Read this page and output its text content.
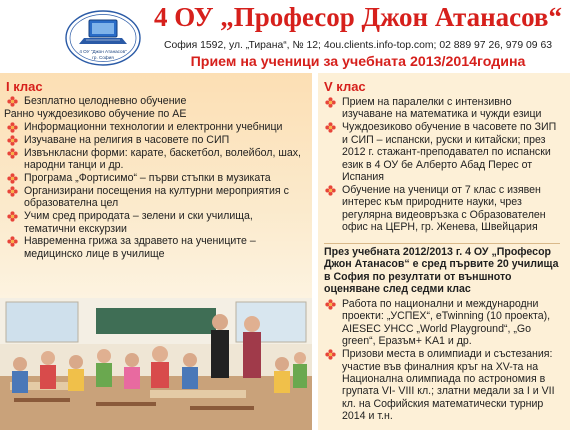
4 ОУ "Джон Атанасов"
гр. София
4 ОУ „Професор Джон Атанасов“
София 1592, ул. „Тирана“, № 12; 4ou.clients.info-top.com; 02 889 97 26, 979 09 63
Прием на ученици за учебната 2013/2014година
I клас
Безплатно целодневно обучение
Ранно чуждоезиково обучение по АЕ
Информационни технологии и електронни учебници
Изучаване на религия в часовете по СИП
Извънкласни форми: карате, баскетбол, волейбол, шах, народни танци и др.
Програма „Фортисимо“ – първи стъпки в музиката
Организирани посещения на културни мероприятия с образователна цел
Учим сред природата – зелени и ски училища, тематични екскурзии
Навременна грижа за здравето на учениците – медицинско лице в училище
V клас
Прием на паралелки с интензивно изучаване на математика и чужди езици
Чуждоезиково обучение в часовете по ЗИП и СИП – испански, руски и китайски; през 2012 г. стажант-преподавател по испански език в 4 ОУ бе Алберто Абад Перес от Испания
Обучение на ученици от 7 клас с изявен интерес към природните науки, чрез регулярна видеовръзка с Образователен офис на ЦЕРН, гр. Женева, Швейцария
През учебната 2012/2013 г. 4 ОУ „Професор Джон Атанасов“ е сред първите 20 училища в София по резултати от външното оценяване след седми клас
Работа по национални и международни проекти: „УСПЕХ“, eTwinning (10 проекта), AIESEC УНСС „World Playground“, „Go green“, Еразъм+ KA1 и др.
Призови места в олимпиади и състезания: участие във финалния кръг на XV-та на Национална олимпиада по астрономия в групата VI- VIII кл.; златни медали за I и VII кл. на Софийския математически турнир 2014 и т.н.
